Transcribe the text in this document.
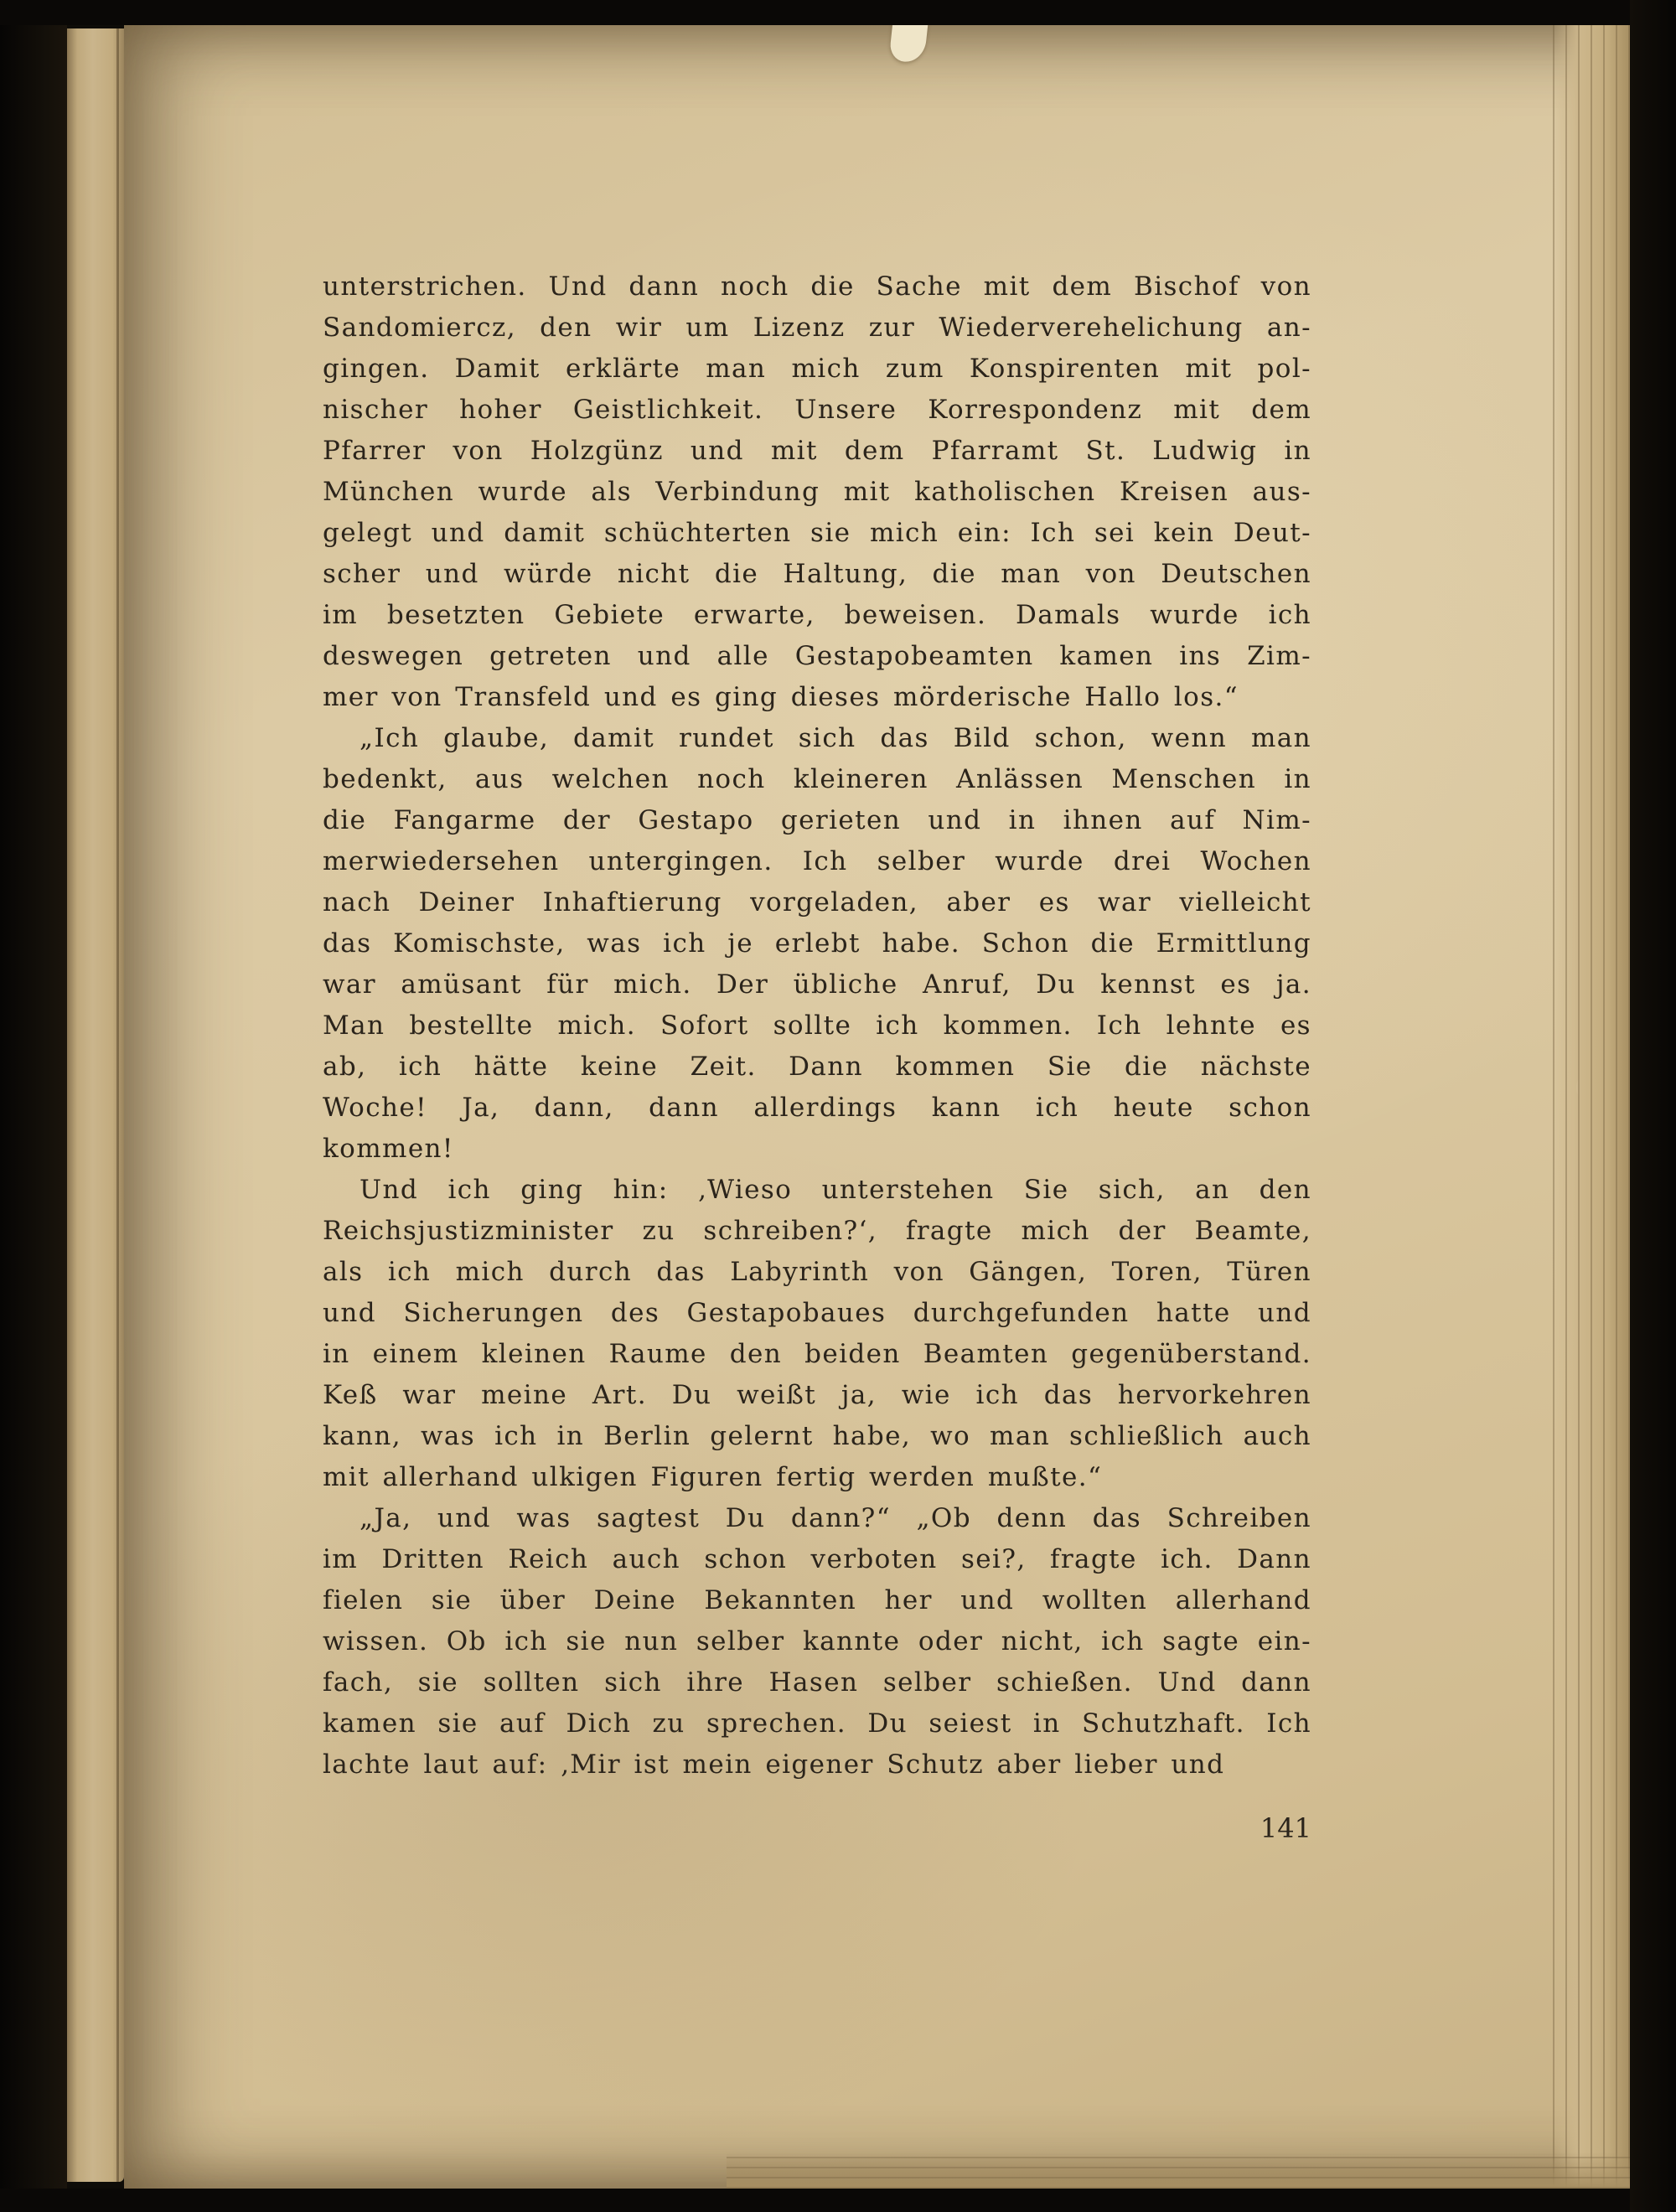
unterstrichen. Und dann noch die Sache mit dem Bischof von
Sandomiercz, den wir um Lizenz zur Wiederverehelichung an-
gingen. Damit erklärte man mich zum Konspirenten mit pol-
nischer hoher Geistlichkeit. Unsere Korrespondenz mit dem
Pfarrer von Holzgünz und mit dem Pfarramt St. Ludwig in
München wurde als Verbindung mit katholischen Kreisen aus-
gelegt und damit schüchterten sie mich ein: Ich sei kein Deut-
scher und würde nicht die Haltung, die man von Deutschen
im besetzten Gebiete erwarte, beweisen. Damals wurde ich
deswegen getreten und alle Gestapobeamten kamen ins Zim-
mer von Transfeld und es ging dieses mörderische Hallo los.“
„Ich glaube, damit rundet sich das Bild schon, wenn man
bedenkt, aus welchen noch kleineren Anlässen Menschen in
die Fangarme der Gestapo gerieten und in ihnen auf Nim-
merwiedersehen untergingen. Ich selber wurde drei Wochen
nach Deiner Inhaftierung vorgeladen, aber es war vielleicht
das Komischste, was ich je erlebt habe. Schon die Ermittlung
war amüsant für mich. Der übliche Anruf, Du kennst es ja.
Man bestellte mich. Sofort sollte ich kommen. Ich lehnte es
ab, ich hätte keine Zeit. Dann kommen Sie die nächste
Woche! Ja, dann, dann allerdings kann ich heute schon
kommen!
Und ich ging hin: ‚Wieso unterstehen Sie sich, an den
Reichsjustizminister zu schreiben?‘, fragte mich der Beamte,
als ich mich durch das Labyrinth von Gängen, Toren, Türen
und Sicherungen des Gestapobaues durchgefunden hatte und
in einem kleinen Raume den beiden Beamten gegenüberstand.
Keß war meine Art. Du weißt ja, wie ich das hervorkehren
kann, was ich in Berlin gelernt habe, wo man schließlich auch
mit allerhand ulkigen Figuren fertig werden mußte.“
„Ja, und was sagtest Du dann?“ „Ob denn das Schreiben
im Dritten Reich auch schon verboten sei?, fragte ich. Dann
fielen sie über Deine Bekannten her und wollten allerhand
wissen. Ob ich sie nun selber kannte oder nicht, ich sagte ein-
fach, sie sollten sich ihre Hasen selber schießen. Und dann
kamen sie auf Dich zu sprechen. Du seiest in Schutzhaft. Ich
lachte laut auf: ‚Mir ist mein eigener Schutz aber lieber und
141
